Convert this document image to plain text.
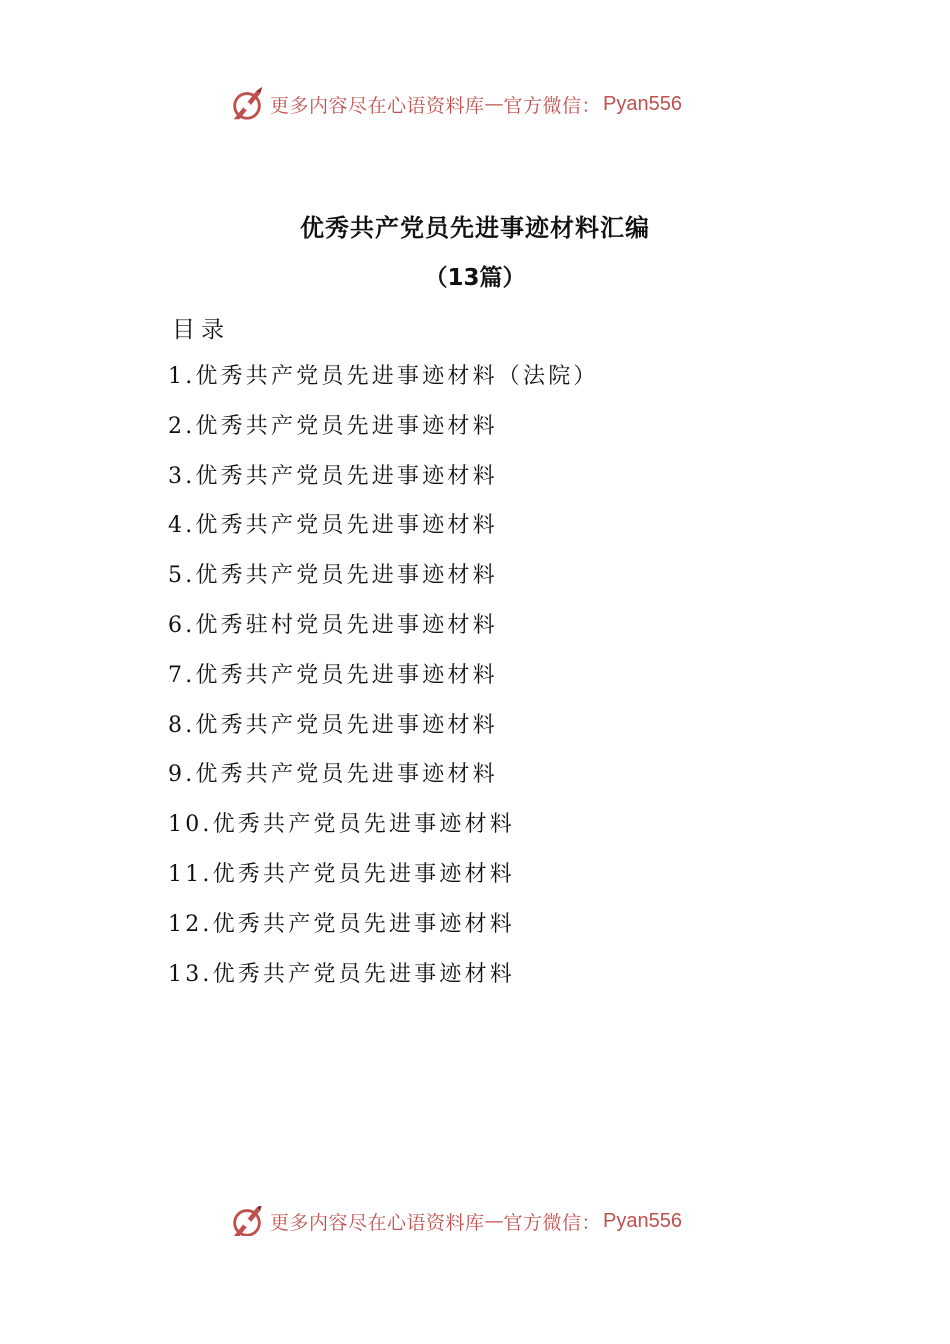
更多内容尽在心语资料库 — 官方微信： Pyan556
优秀共产党员先进事迹材料汇编
（13篇）
目录
1.优秀共产党员先进事迹材料（法院）
2.优秀共产党员先进事迹材料
3.优秀共产党员先进事迹材料
4.优秀共产党员先进事迹材料
5.优秀共产党员先进事迹材料
6.优秀驻村党员先进事迹材料
7.优秀共产党员先进事迹材料
8.优秀共产党员先进事迹材料
9.优秀共产党员先进事迹材料
10.优秀共产党员先进事迹材料
11.优秀共产党员先进事迹材料
12.优秀共产党员先进事迹材料
13.优秀共产党员先进事迹材料
更多内容尽在心语资料库 — 官方微信： Pyan556
